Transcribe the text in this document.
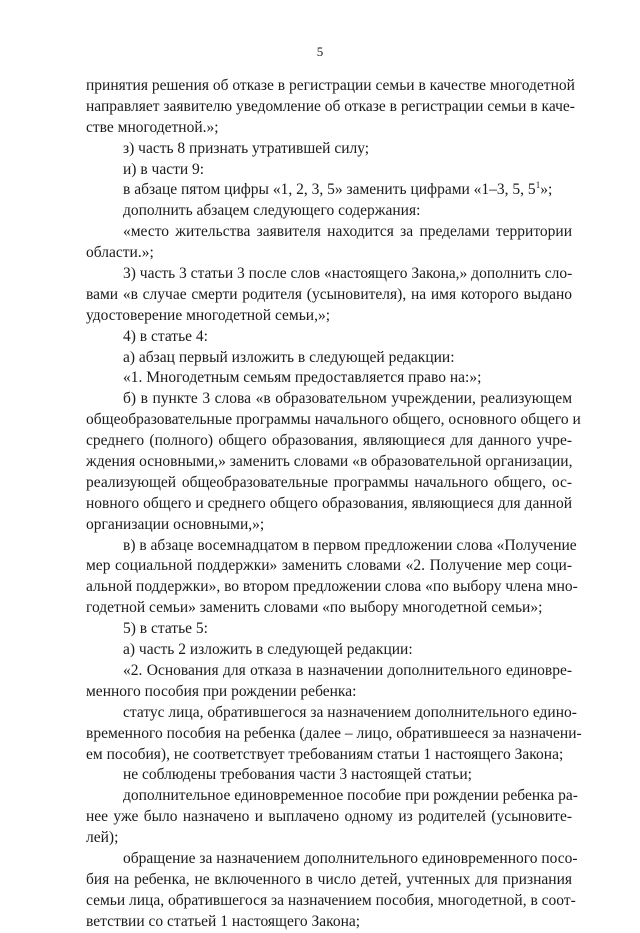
5
принятия решения об отказе в регистрации семьи в качестве многодетной
направляет заявителю уведомление об отказе в регистрации семьи в каче-
стве многодетной.»;
з) часть 8 признать утратившей силу;
и) в части 9:
в абзаце пятом цифры «1, 2, 3, 5» заменить цифрами «1–3, 5, $5^1$»;
дополнить абзацем следующего содержания:
«место жительства заявителя находится за пределами территории
области.»;
3) часть 3 статьи 3 после слов «настоящего Закона,» дополнить сло-
вами «в случае смерти родителя (усыновителя), на имя которого выдано
удостоверение многодетной семьи,»;
4) в статье 4:
а) абзац первый изложить в следующей редакции:
«1. Многодетным семьям предоставляется право на:»;
б) в пункте 3 слова «в образовательном учреждении, реализующем
общеобразовательные программы начального общего, основного общего и
среднего (полного) общего образования, являющиеся для данного учре-
ждения основными,» заменить словами «в образовательной организации,
реализующей общеобразовательные программы начального общего, ос-
новного общего и среднего общего образования, являющиеся для данной
организации основными,»;
в) в абзаце восемнадцатом в первом предложении слова «Получение
мер социальной поддержки» заменить словами «2. Получение мер соци-
альной поддержки», во втором предложении слова «по выбору члена мно-
годетной семьи» заменить словами «по выбору многодетной семьи»;
5) в статье 5:
а) часть 2 изложить в следующей редакции:
«2. Основания для отказа в назначении дополнительного единовре-
менного пособия при рождении ребенка:
статус лица, обратившегося за назначением дополнительного едино-
временного пособия на ребенка (далее – лицо, обратившееся за назначени-
ем пособия), не соответствует требованиям статьи 1 настоящего Закона;
не соблюдены требования части 3 настоящей статьи;
дополнительное единовременное пособие при рождении ребенка ра-
нее уже было назначено и выплачено одному из родителей (усыновите-
лей);
обращение за назначением дополнительного единовременного посо-
бия на ребенка, не включенного в число детей, учтенных для признания
семьи лица, обратившегося за назначением пособия, многодетной, в соот-
ветствии со статьей 1 настоящего Закона;
